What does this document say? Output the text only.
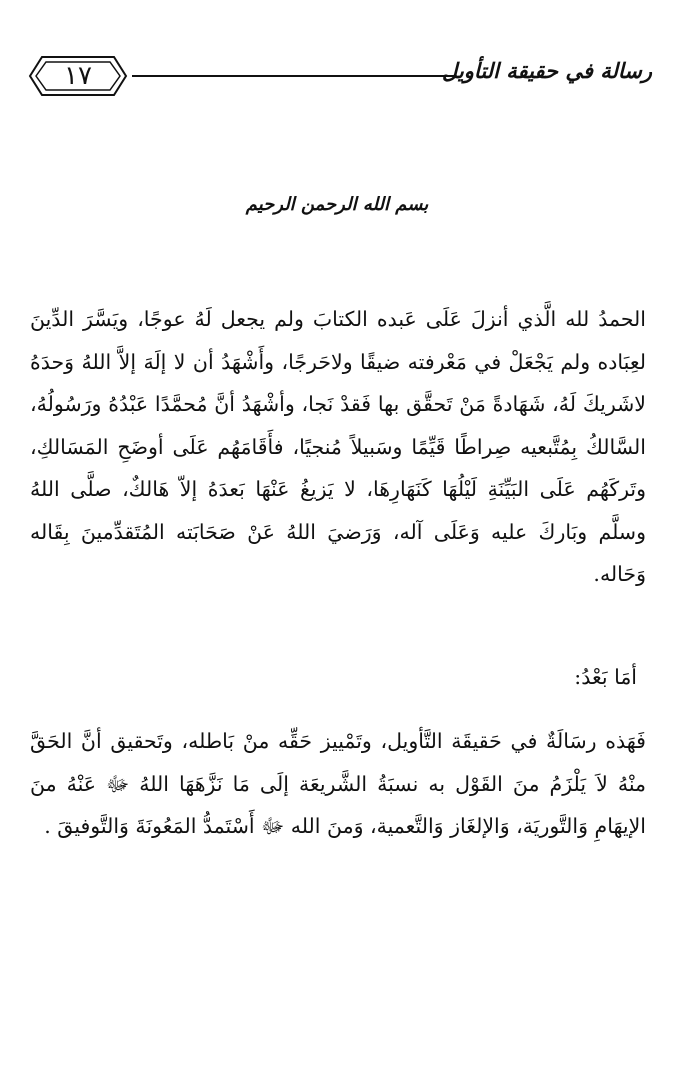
١٧	رسالة في حقيقة التأويل
بسم الله الرحمن الرحيم

الحمدُ لله الَّذي أنزلَ عَلَى عَبده الكتابَ ولم يجعل لَهُ عوجًا، ويَسَّرَ الدِّينَ لعِبَاده ولم يَجْعَلْ في مَعْرفته ضيقًا ولاحَرجًا، وأَشْهَدُ أن لا إلَهَ إلاَّ اللهُ وَحدَهُ لاشَريكَ لَهُ، شَهَادةً مَنْ تَحقَّق بها فَقدْ نَجا، وأشْهَدُ أنَّ مُحمَّدًا عَبْدُهُ ورَسُولُهُ، السَّالكُ بِمُتَّبعيه صِراطًا قَيِّمًا وسَبيلاً مُنجيًا، فأَقَامَهُم عَلَى أوضَحِ المَسَالكِ، وتَركَهُم عَلَى البَيِّنَةِ لَيْلُهَا كَنَهَارِهَا، لا يَزيغُ عَنْهَا بَعدَهُ إلاّ هَالكٌ، صلَّى اللهُ وسلَّم وبَاركَ عليه وَعَلَى آله، وَرَضيَ اللهُ عَنْ صَحَابَته المُتَقدِّمينَ بِقَاله وَحَاله.

أمَا بَعْدُ:

فَهَذه رسَالَةٌ في حَقيقَة التَّأويل، وتَمْييز حَقِّه منْ بَاطله، وتَحقيق أنَّ الحَقَّ منْهُ لاَ يَلْزَمُ منَ القَوْل به نسبَةُ الشَّريعَة إلَى مَا نَزَّهَهَا اللهُ ﷻ عَنْهُ منَ الإيهَامِ وَالتَّوريَة، وَالإلغَاز وَالتَّعمية، وَمنَ الله ﷻ أَسْتَمدُّ المَعُونَةَ وَالتَّوفيقَ .
